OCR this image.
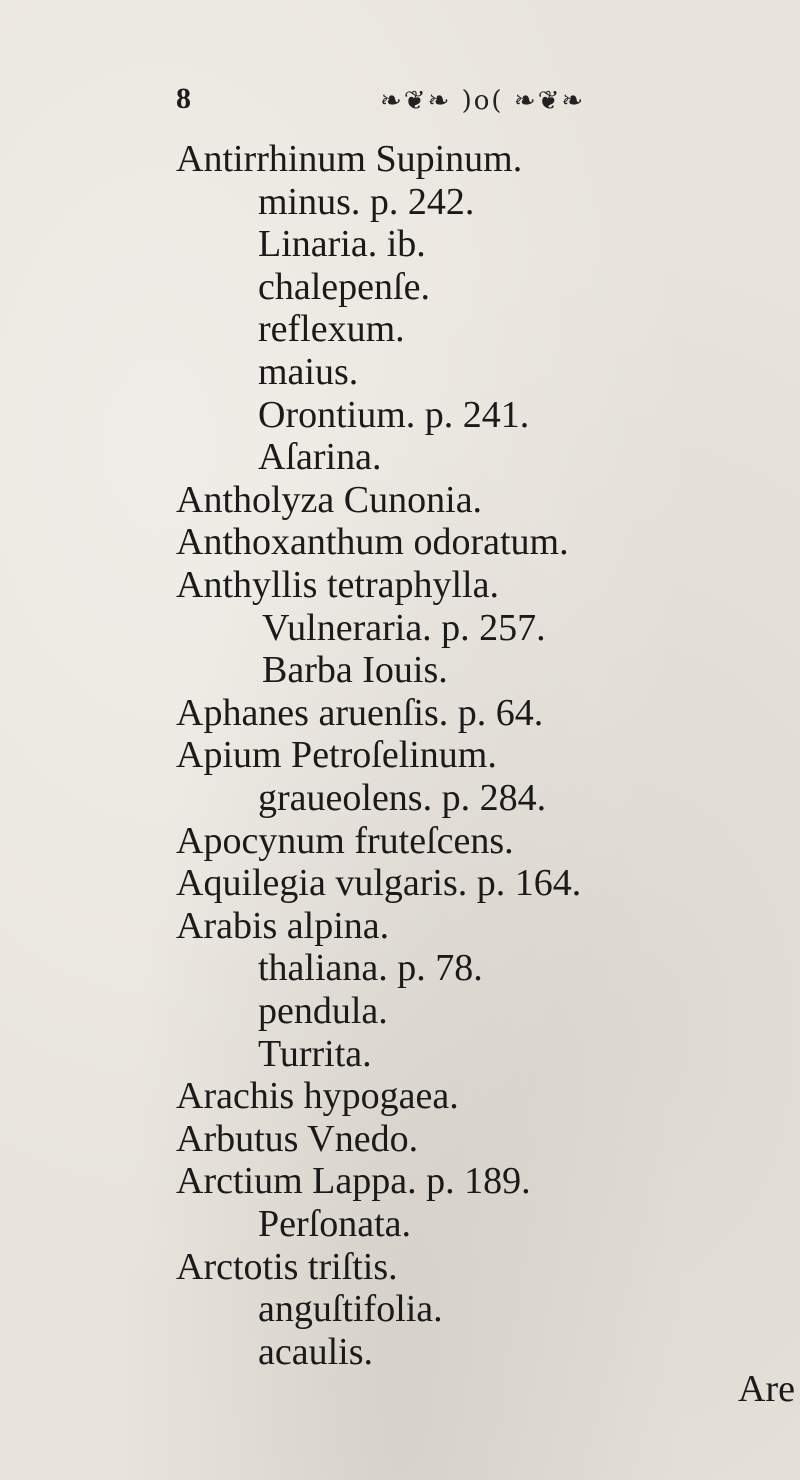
8	❧❦❧ )o( ❧❦❧
Antirrhinum Supinum.
minus. p. 242.
Linaria. ib.
chalepenſe.
reflexum.
maius.
Orontium. p. 241.
Aſarina.
Antholyza Cunonia.
Anthoxanthum odoratum.
Anthyllis tetraphylla.
Vulneraria. p. 257.
Barba Iouis.
Aphanes aruenſis. p. 64.
Apium Petroſelinum.
graueolens. p. 284.
Apocynum fruteſcens.
Aquilegia vulgaris. p. 164.
Arabis alpina.
thaliana. p. 78.
pendula.
Turrita.
Arachis hypogaea.
Arbutus Vnedo.
Arctium Lappa. p. 189.
Perſonata.
Arctotis triſtis.
anguſtifolia.
acaulis.
Are
